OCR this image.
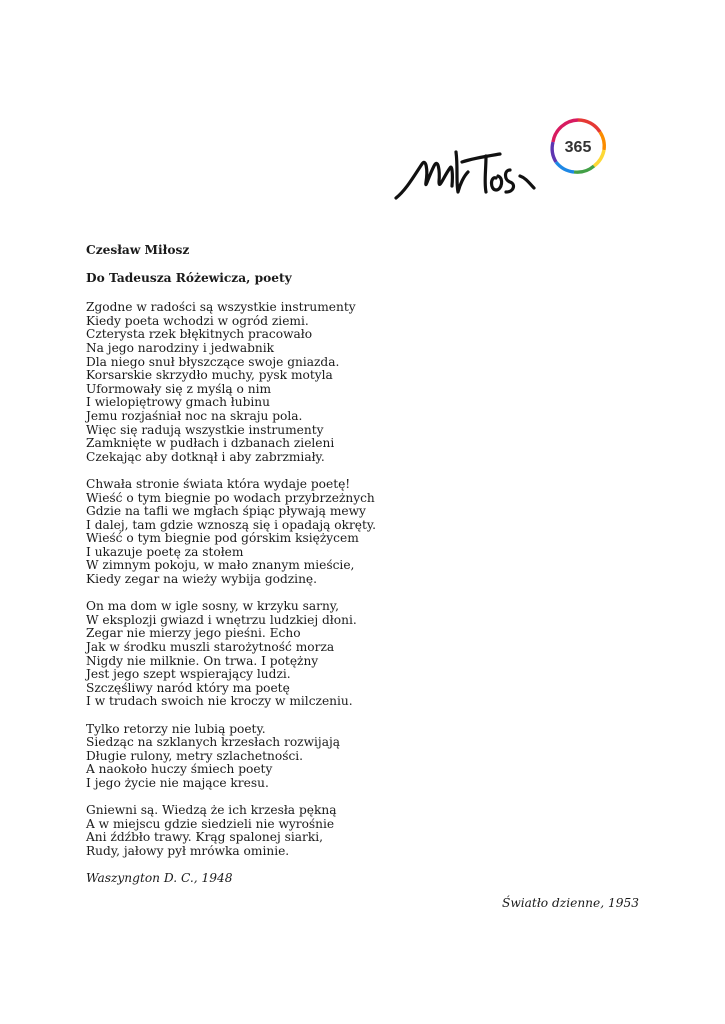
365

Czesław Miłosz

Do Tadeusza Różewicza, poety

Zgodne w radości są wszystkie instrumenty
Kiedy poeta wchodzi w ogród ziemi.
Czterysta rzek błękitnych pracowało
Na jego narodziny i jedwabnik
Dla niego snuł błyszczące swoje gniazda.
Korsarskie skrzydło muchy, pysk motyla
Uformowały się z myślą o nim
I wielopiętrowy gmach łubinu
Jemu rozjaśniał noc na skraju pola.
Więc się radują wszystkie instrumenty
Zamknięte w pudłach i dzbanach zieleni
Czekając aby dotknął i aby zabrzmiały.

Chwała stronie świata która wydaje poetę!
Wieść o tym biegnie po wodach przybrzeżnych
Gdzie na tafli we mgłach śpiąc pływają mewy
I dalej, tam gdzie wznoszą się i opadają okręty.
Wieść o tym biegnie pod górskim księżycem
I ukazuje poetę za stołem
W zimnym pokoju, w mało znanym mieście,
Kiedy zegar na wieży wybija godzinę.

On ma dom w igle sosny, w krzyku sarny,
W eksplozji gwiazd i wnętrzu ludzkiej dłoni.
Zegar nie mierzy jego pieśni. Echo
Jak w środku muszli starożytność morza
Nigdy nie milknie. On trwa. I potężny
Jest jego szept wspierający ludzi.
Szczęśliwy naród który ma poetę
I w trudach swoich nie kroczy w milczeniu.

Tylko retorzy nie lubią poety.
Siedząc na szklanych krzesłach rozwijają
Długie rulony, metry szlachetności.
A naokoło huczy śmiech poety
I jego życie nie mające kresu.

Gniewni są. Wiedzą że ich krzesła pękną
A w miejscu gdzie siedzieli nie wyrośnie
Ani źdźbło trawy. Krąg spalonej siarki,
Rudy, jałowy pył mrówka ominie.

Waszyngton D. C., 1948

Światło dzienne, 1953
